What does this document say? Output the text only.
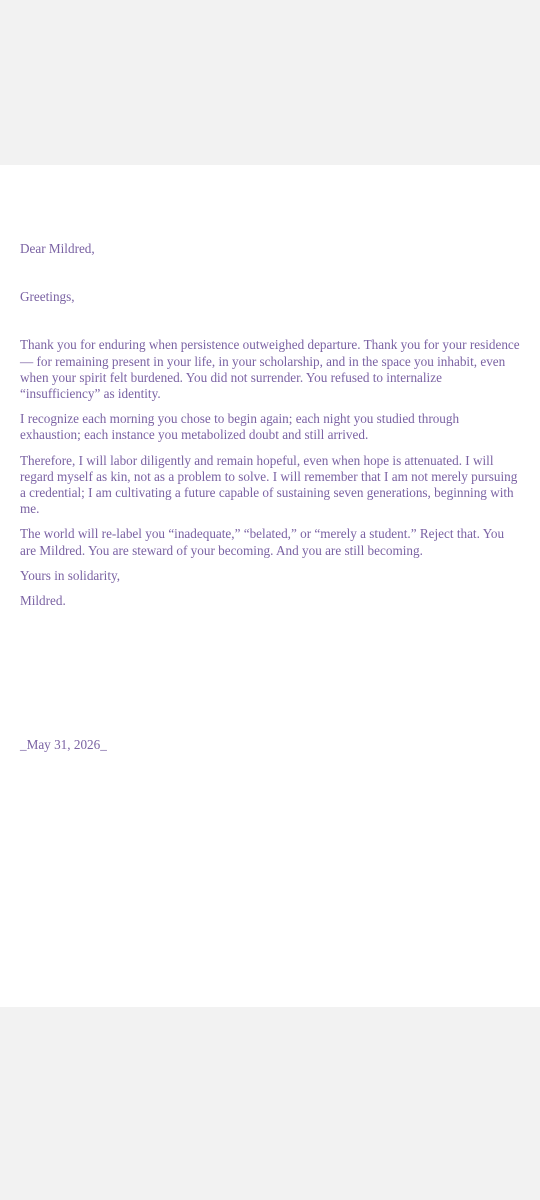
Dear Mildred,

Greetings,

Thank you for enduring when persistence outweighed departure. Thank you for your residence — for remaining present in your life, in your scholarship, and in the space you inhabit, even when your spirit felt burdened. You did not surrender. You refused to internalize “insufficiency” as identity.

I recognize each morning you chose to begin again; each night you studied through exhaustion; each instance you metabolized doubt and still arrived.

Therefore, I will labor diligently and remain hopeful, even when hope is attenuated. I will regard myself as kin, not as a problem to solve. I will remember that I am not merely pursuing a credential; I am cultivating a future capable of sustaining seven generations, beginning with me.

The world will re-label you “inadequate,” “belated,” or “merely a student.” Reject that. You are Mildred. You are steward of your becoming. And you are still becoming.

Yours in solidarity,

Mildred.

_May 31, 2026_
